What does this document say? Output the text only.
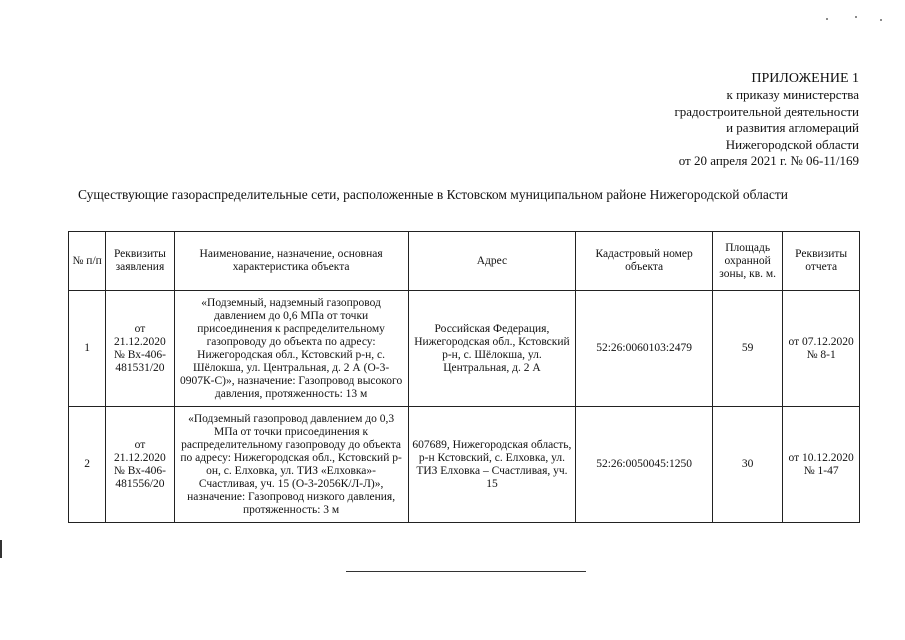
ПРИЛОЖЕНИЕ 1
к приказу министерства
градостроительной деятельности
и развития агломераций
Нижегородской области
от 20 апреля 2021 г. № 06-11/169
Существующие газораспределительные сети, расположенные в Кстовском муниципальном районе Нижегородской области
№ п/п	Реквизиты заявления	Наименование, назначение, основная характеристика объекта	Адрес	Кадастровый номер объекта	Площадь охранной зоны, кв. м.	Реквизиты отчета
1	от 21.12.2020 № Вх-406-481531/20	«Подземный, надземный газопровод давлением до 0,6 МПа от точки присоединения к распределительному газопроводу до объекта по адресу: Нижегородская обл., Кстовский р-н, с. Шёлокша, ул. Центральная, д. 2 А (О-3-0907К-С)», назначение: Газопровод высокого давления, протяженность: 13 м	Российская Федерация, Нижегородская обл., Кстовский р-н, с. Шёлокша, ул. Центральная, д. 2 А	52:26:0060103:2479	59	от 07.12.2020 № 8-1
2	от 21.12.2020 № Вх-406-481556/20	«Подземный газопровод давлением до 0,3 МПа от точки присоединения к распределительному газопроводу до объекта по адресу: Нижегородская обл., Кстовский р-он, с. Елховка, ул. ТИЗ «Елховка»-Счастливая, уч. 15 (О-3-2056К/Л-Л)», назначение: Газопровод низкого давления, протяженность: 3 м	607689, Нижегородская область, р-н Кстовский, с. Елховка, ул. ТИЗ Елховка – Счастливая, уч. 15	52:26:0050045:1250	30	от 10.12.2020 № 1-47
